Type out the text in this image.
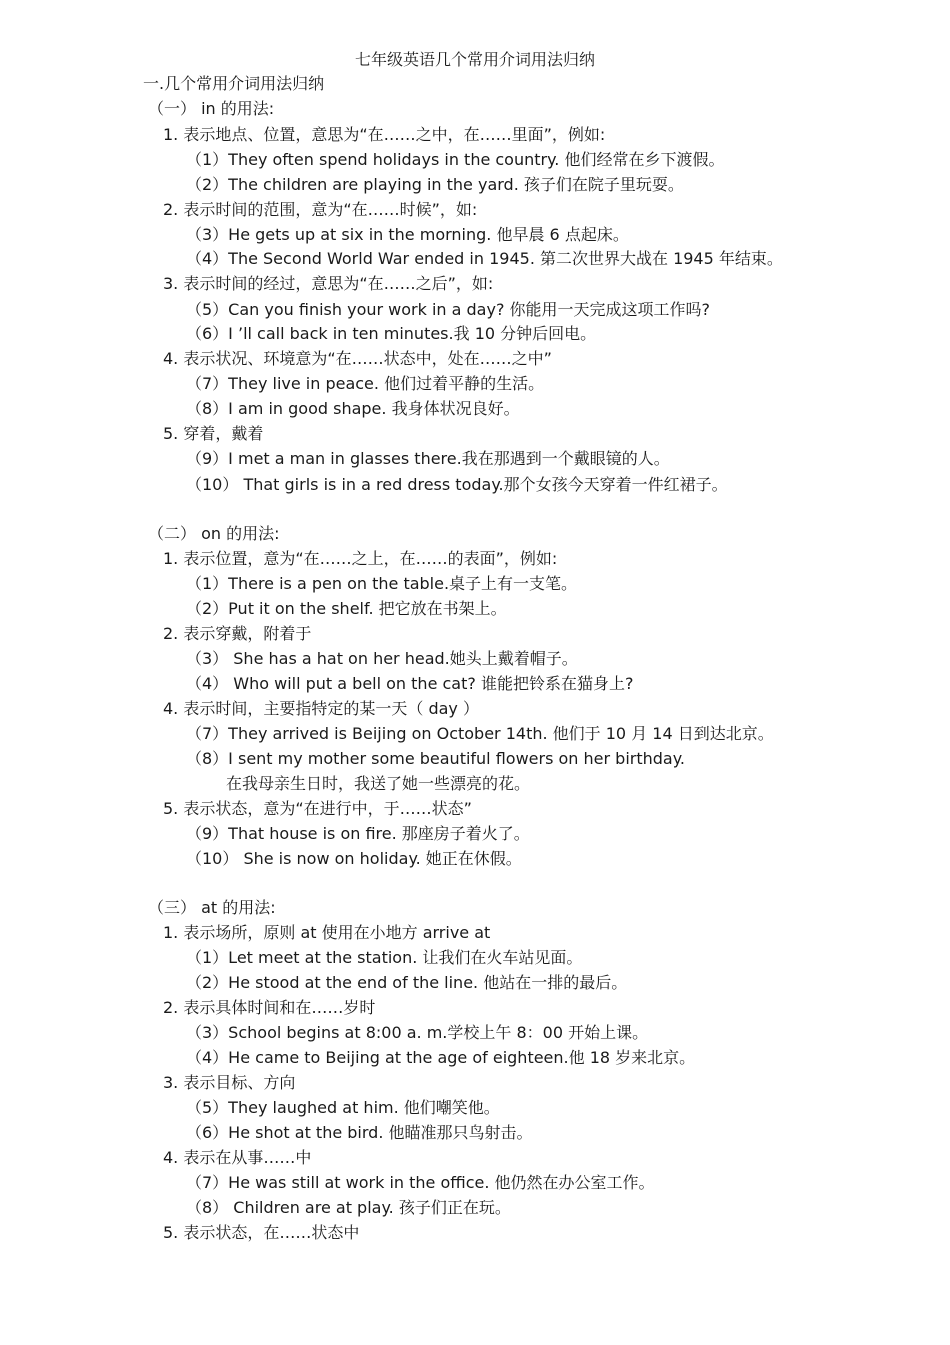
七年级英语几个常用介词用法归纳
一.几个常用介词用法归纳
（一） in 的用法:
1. 表示地点、位置，意思为“在……之中，在……里面”，例如:
（1）They often spend holidays in the country. 他们经常在乡下渡假。
（2）The children are playing in the yard. 孩子们在院子里玩耍。
2. 表示时间的范围，意为“在……时候”，如:
（3）He gets up at six in the morning. 他早晨 6 点起床。
（4）The Second World War ended in 1945. 第二次世界大战在 1945 年结束。
3. 表示时间的经过，意思为“在……之后”，如:
（5）Can you finish your work in a day? 你能用一天完成这项工作吗?
（6）I ’ll call back in ten minutes.我 10 分钟后回电。
4. 表示状况、环境意为“在……状态中，处在……之中”
（7）They live in peace. 他们过着平静的生活。
（8）I am in good shape. 我身体状况良好。
5. 穿着，戴着
（9）I met a man in glasses there.我在那遇到一个戴眼镜的人。
（10） That girls is in a red dress today.那个女孩今天穿着一件红裙子。
（二） on 的用法:
1. 表示位置，意为“在……之上，在……的表面”，例如:
（1）There is a pen on the table.桌子上有一支笔。
（2）Put it on the shelf. 把它放在书架上。
2. 表示穿戴，附着于
（3） She has a hat on her head.她头上戴着帽子。
（4） Who will put a bell on the cat? 谁能把铃系在猫身上?
4. 表示时间，主要指特定的某一天（ day ）
（7）They arrived is Beijing on October 14th. 他们于 10 月 14 日到达北京。
（8）I sent my mother some beautiful flowers on her birthday.
在我母亲生日时，我送了她一些漂亮的花。
5. 表示状态，意为“在进行中，于……状态”
（9）That house is on fire. 那座房子着火了。
（10） She is now on holiday. 她正在休假。
（三） at 的用法:
1. 表示场所，原则 at 使用在小地方 arrive at
（1）Let meet at the station. 让我们在火车站见面。
（2）He stood at the end of the line. 他站在一排的最后。
2. 表示具体时间和在……岁时
（3）School begins at 8:00 a. m.学校上午 8：00 开始上课。
（4）He came to Beijing at the age of eighteen.他 18 岁来北京。
3. 表示目标、方向
（5）They laughed at him. 他们嘲笑他。
（6）He shot at the bird. 他瞄准那只鸟射击。
4. 表示在从事……中
（7）He was still at work in the office. 他仍然在办公室工作。
（8） Children are at play. 孩子们正在玩。
5. 表示状态，在……状态中
